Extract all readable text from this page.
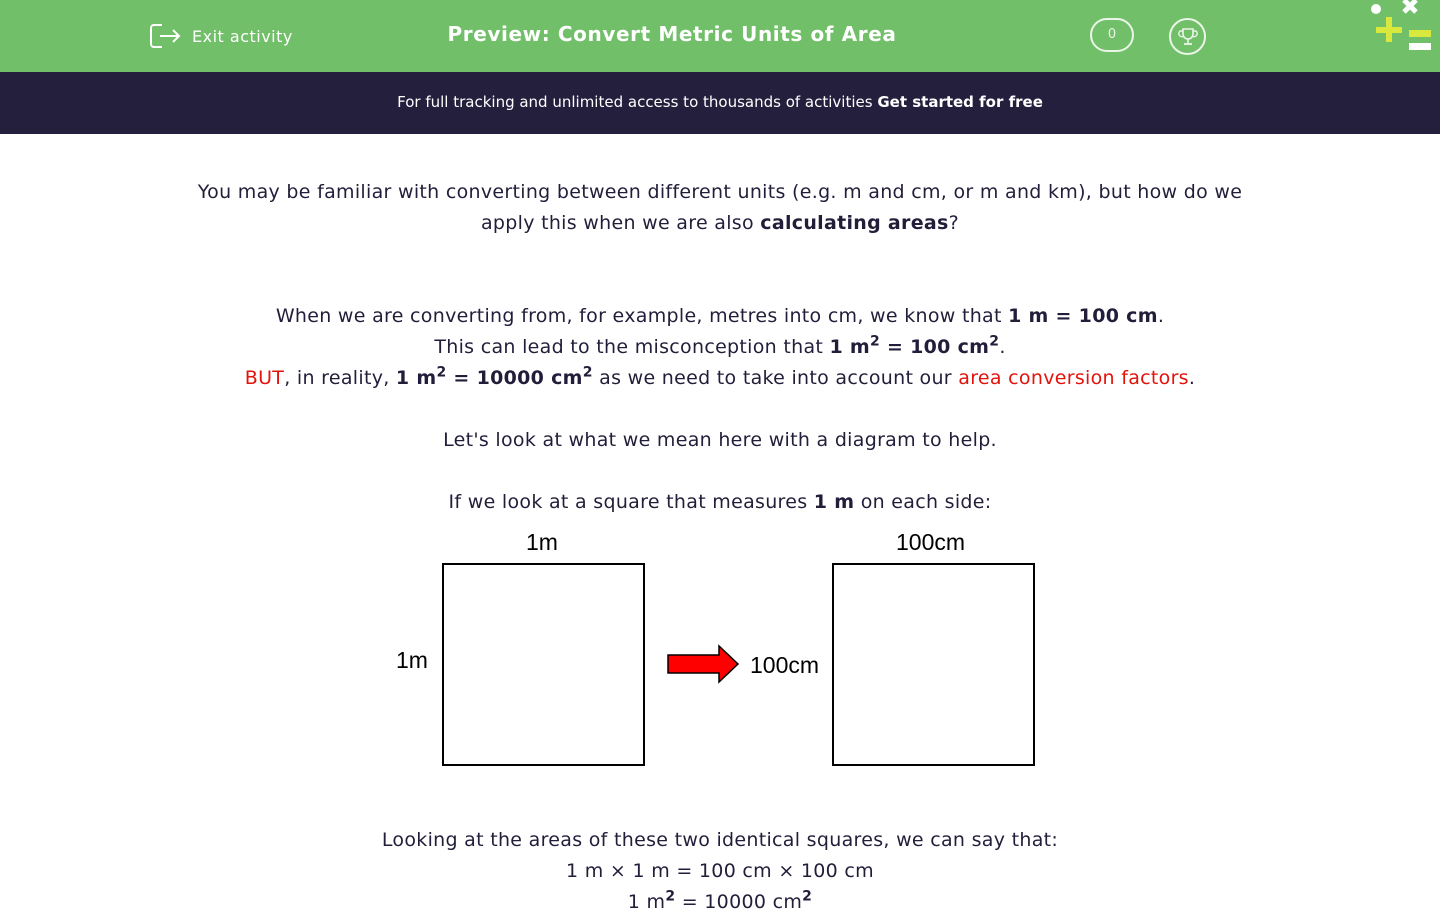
Exit activity	Preview: Convert Metric Units of Area	0
For full tracking and unlimited access to thousands of activities Get started for free
You may be familiar with converting between different units (e.g. m and cm, or m and km), but how do we
apply this when we are also calculating areas?
When we are converting from, for example, metres into cm, we know that 1 m = 100 cm.
This can lead to the misconception that 1 $m^2 = 100$ $cm^2$.
BUT, in reality, 1 $m^2 = 10000$ $cm^2$ as we need to take into account our area conversion factors.
Let's look at what we mean here with a diagram to help.
If we look at a square that measures 1 m on each side:
1m
1m
100cm
100cm
Looking at the areas of these two identical squares, we can say that:
1 m × 1 m = 100 cm × 100 cm
1 $m^2 = 10000$ $cm^2$
